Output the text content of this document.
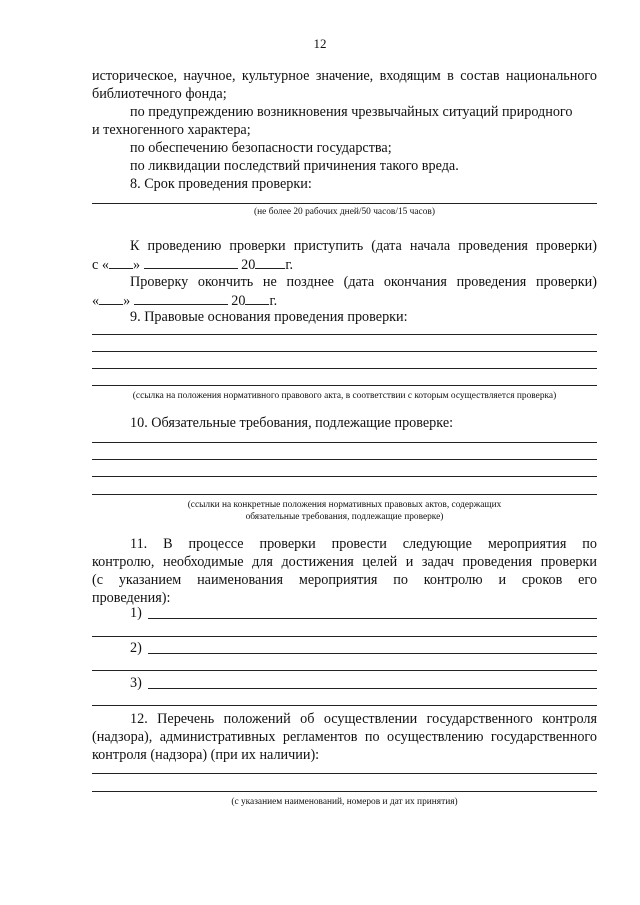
12
историческое, научное, культурное значение, входящим в состав национального
библиотечного фонда;
по предупреждению возникновения чрезвычайных ситуаций природного
и техногенного характера;
по обеспечению безопасности государства;
по ликвидации последствий причинения такого вреда.
8. Срок проведения проверки:
(не более 20 рабочих дней/50 часов/15 часов)
К проведению проверки приступить (дата начала проведения проверки)
с « »	20 г.
Проверку окончить не позднее (дата окончания проведения проверки)
« »	20 г.
9. Правовые основания проведения проверки:
(ссылка на положения нормативного правового акта, в соответствии с которым осуществляется проверка)
10. Обязательные требования, подлежащие проверке:
(ссылки на конкретные положения нормативных правовых актов, содержащих
обязательные требования, подлежащие проверке)
11. В процессе проверки провести следующие мероприятия по
контролю, необходимые для достижения целей и задач проведения проверки
(с указанием наименования мероприятия по контролю и сроков его
проведения):
1)
2)
3)
12. Перечень положений об осуществлении государственного контроля
(надзора), административных регламентов по осуществлению государственного
контроля (надзора) (при их наличии):
(с указанием наименований, номеров и дат их принятия)
